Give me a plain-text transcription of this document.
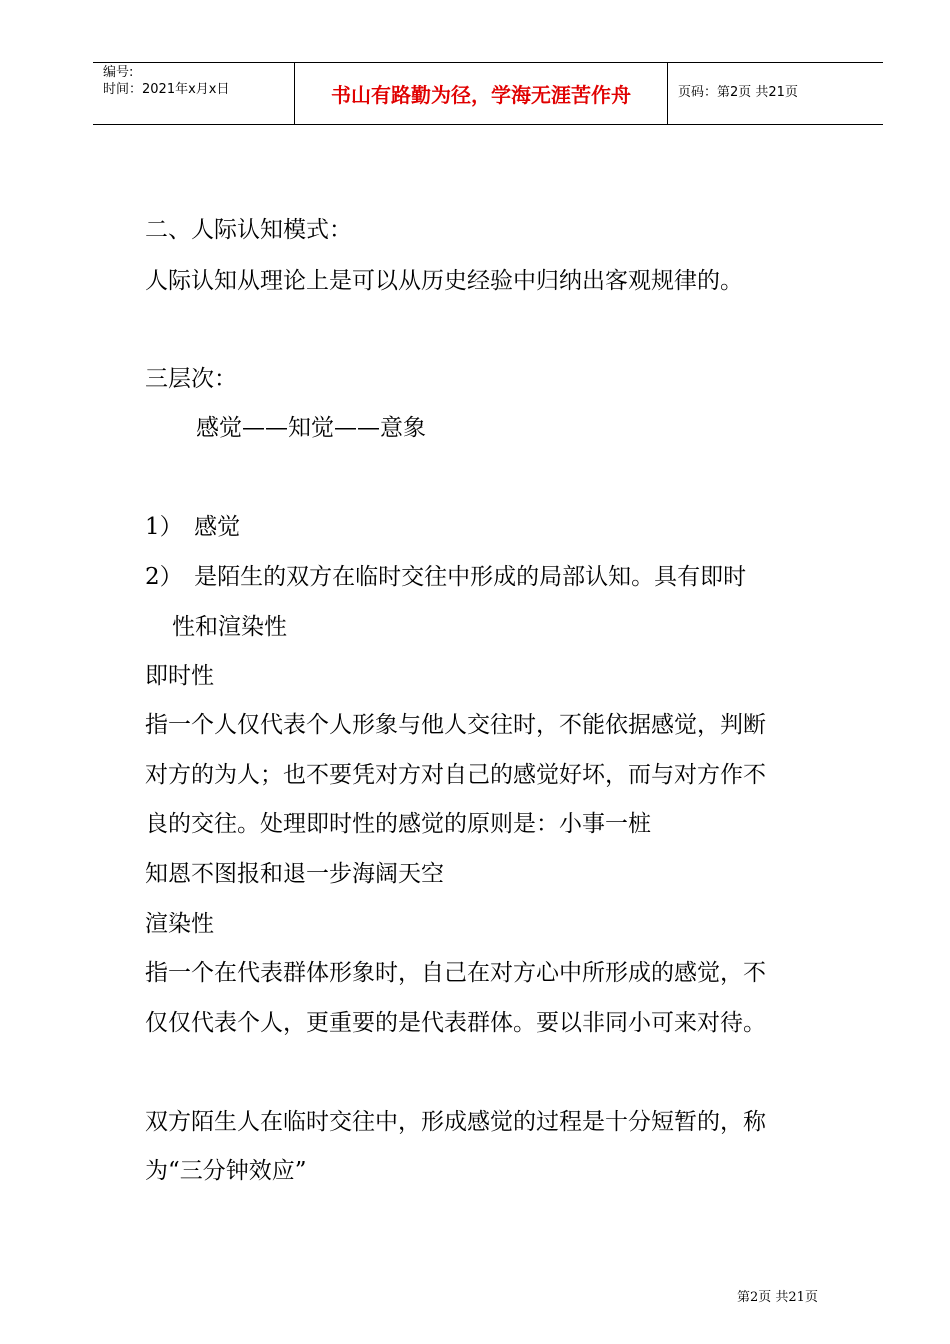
编号:
时间：2021年x月x日	书山有路勤为径，学海无涯苦作舟	页码：第2页 共21页
二、人际认知模式：
人际认知从理论上是可以从历史经验中归纳出客观规律的。
三层次：
感觉——知觉——意象
1）　感觉
2）　是陌生的双方在临时交往中形成的局部认知。具有即时
性和渲染性
即时性
指一个人仅代表个人形象与他人交往时，不能依据感觉，判断
对方的为人；也不要凭对方对自己的感觉好坏，而与对方作不
良的交往。处理即时性的感觉的原则是：小事一桩
知恩不图报和退一步海阔天空
渲染性
指一个在代表群体形象时，自己在对方心中所形成的感觉，不
仅仅代表个人，更重要的是代表群体。要以非同小可来对待。
双方陌生人在临时交往中，形成感觉的过程是十分短暂的，称
为“三分钟效应”
第2页 共21页
